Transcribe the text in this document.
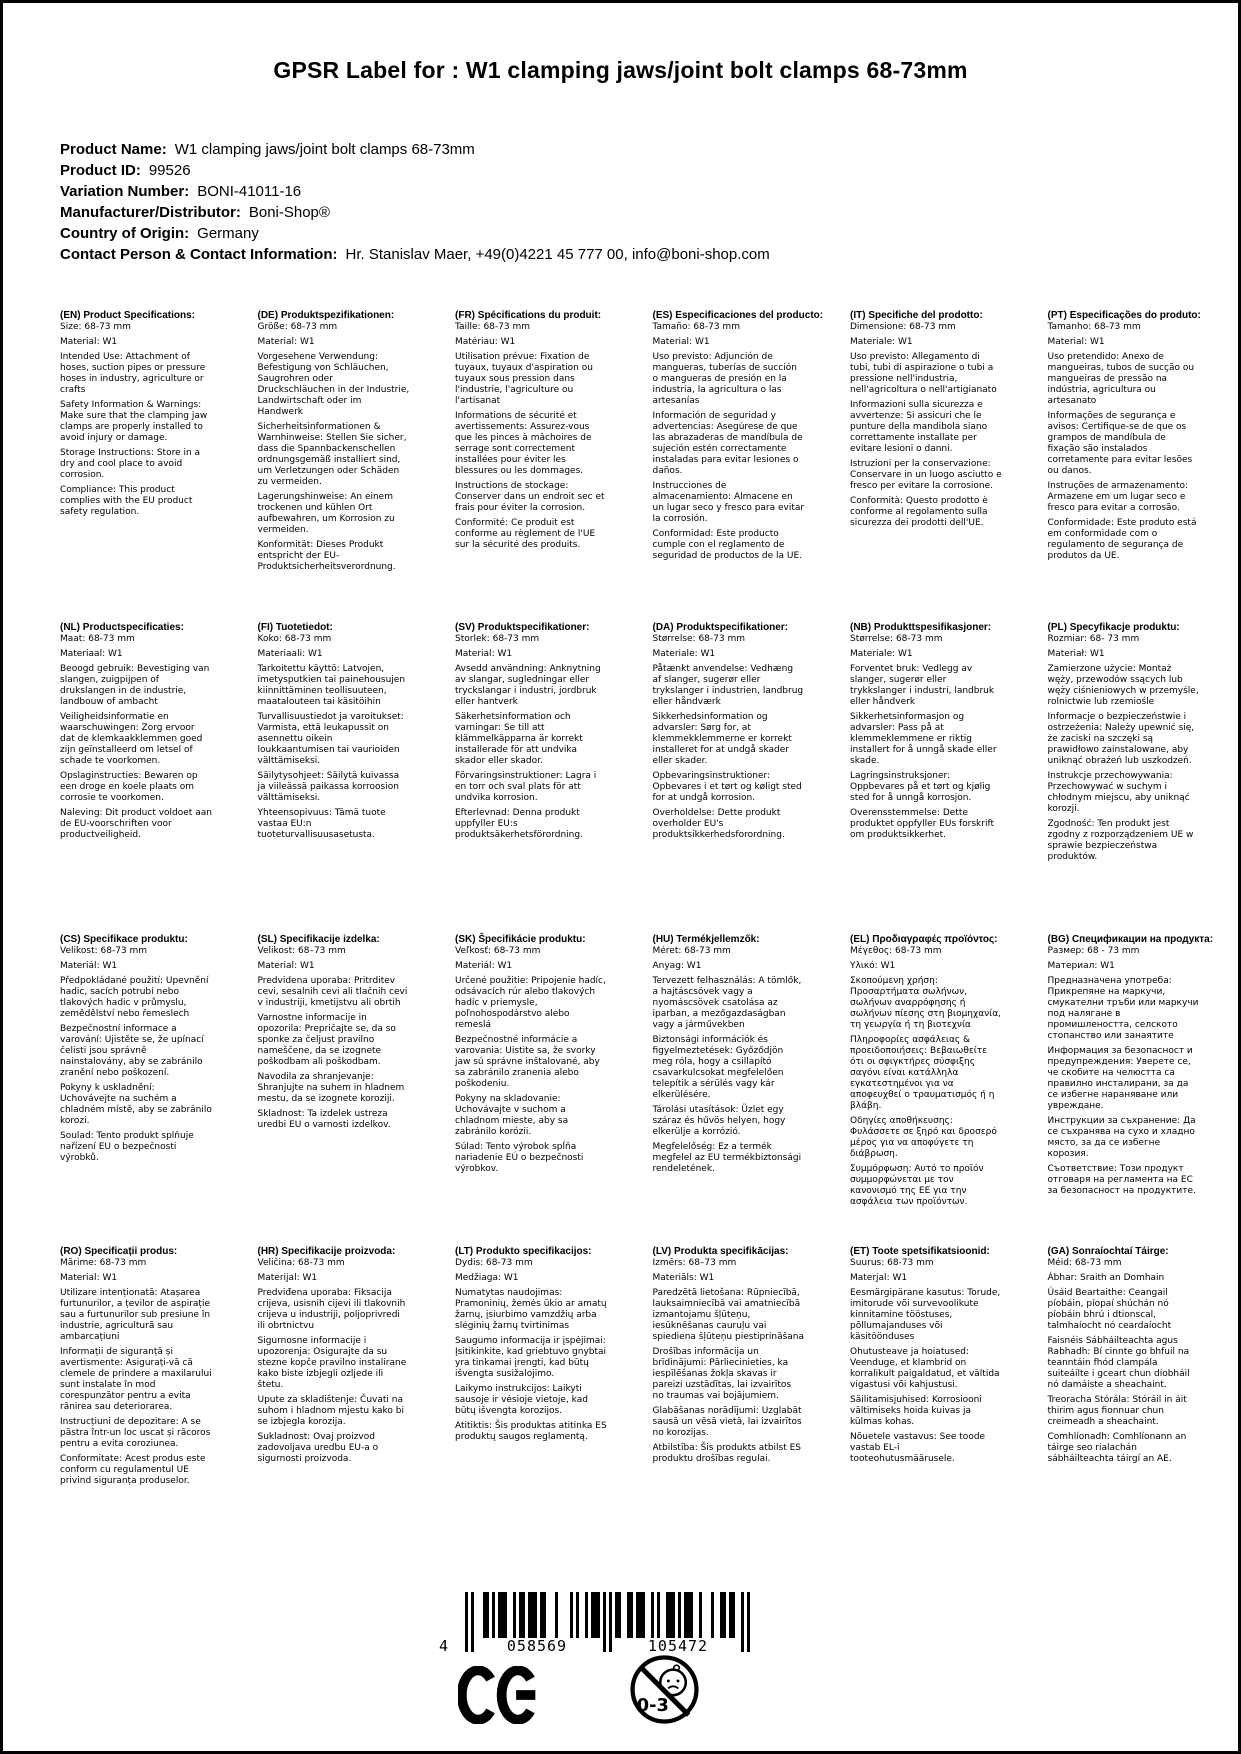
GPSR Label for : W1 clamping jaws/joint bolt clamps 68-73mm
Product Name: W1 clamping jaws/joint bolt clamps 68-73mm
Product ID: 99526
Variation Number: BONI-41011-16
Manufacturer/Distributor: Boni-Shop®
Country of Origin: Germany
Contact Person & Contact Information: Hr. Stanislav Maer, +49(0)4221 45 777 00, info@boni-shop.com
(EN) Product Specifications:

Size: 68-73 mm

Material: W1

Intended Use: Attachment of hoses, suction pipes or pressure hoses in industry, agriculture or crafts

Safety Information & Warnings: Make sure that the clamping jaw clamps are properly installed to avoid injury or damage.

Storage Instructions: Store in a dry and cool place to avoid corrosion.

Compliance: This product complies with the EU product safety regulation.

(DE) Produktspezifikationen:

Größe: 68-73 mm

Material: W1

Vorgesehene Verwendung: Befestigung von Schläuchen, Saugrohren oder Druckschläuchen in der Industrie, Landwirtschaft oder im Handwerk

Sicherheitsinformationen & Warnhinweise: Stellen Sie sicher, dass die Spannbackenschellen ordnungsgemäß installiert sind, um Verletzungen oder Schäden zu vermeiden.

Lagerungshinweise: An einem trockenen und kühlen Ort aufbewahren, um Korrosion zu vermeiden.

Konformität: Dieses Produkt entspricht der EU-Produktsicherheitsverordnung.

(FR) Spécifications du produit:

Taille: 68-73 mm

Matériau: W1

Utilisation prévue: Fixation de tuyaux, tuyaux d'aspiration ou tuyaux sous pression dans l'industrie, l'agriculture ou l'artisanat

Informations de sécurité et avertissements: Assurez-vous que les pinces à mâchoires de serrage sont correctement installées pour éviter les blessures ou les dommages.

Instructions de stockage: Conserver dans un endroit sec et frais pour éviter la corrosion.

Conformité: Ce produit est conforme au règlement de l'UE sur la sécurité des produits.

(ES) Especificaciones del producto:

Tamaño: 68-73 mm

Material: W1

Uso previsto: Adjunción de mangueras, tuberías de succión o mangueras de presión en la industria, la agricultura o las artesanías

Información de seguridad y advertencias: Asegúrese de que las abrazaderas de mandíbula de sujeción estén correctamente instaladas para evitar lesiones o daños.

Instrucciones de almacenamiento: Almacene en un lugar seco y fresco para evitar la corrosión.

Conformidad: Este producto cumple con el reglamento de seguridad de productos de la UE.

(IT) Specifiche del prodotto:

Dimensione: 68-73 mm

Materiale: W1

Uso previsto: Allegamento di tubi, tubi di aspirazione o tubi a pressione nell'industria, nell'agricoltura o nell'artigianato

Informazioni sulla sicurezza e avvertenze: Si assicuri che le punture della mandibola siano correttamente installate per evitare lesioni o danni.

Istruzioni per la conservazione: Conservare in un luogo asciutto e fresco per evitare la corrosione.

Conformità: Questo prodotto è conforme al regolamento sulla sicurezza dei prodotti dell'UE.

(PT) Especificações do produto:

Tamanho: 68-73 mm

Material: W1

Uso pretendido: Anexo de mangueiras, tubos de sucção ou mangueiras de pressão na indústria, agricultura ou artesanato

Informações de segurança e avisos: Certifique-se de que os grampos de mandíbula de fixação são instalados corretamente para evitar lesões ou danos.

Instruções de armazenamento: Armazene em um lugar seco e fresco para evitar a corrosão.

Conformidade: Este produto está em conformidade com o regulamento de segurança de produtos da UE.

(NL) Productspecificaties:

Maat: 68-73 mm

Materiaal: W1

Beoogd gebruik: Bevestiging van slangen, zuigpijpen of drukslangen in de industrie, landbouw of ambacht

Veiligheidsinformatie en waarschuwingen: Zorg ervoor dat de klemkaakklemmen goed zijn geïnstalleerd om letsel of schade te voorkomen.

Opslaginstructies: Bewaren op een droge en koele plaats om corrosie te voorkomen.

Naleving: Dit product voldoet aan de EU-voorschriften voor productveiligheid.

(FI) Tuotetiedot:

Koko: 68-73 mm

Materiaali: W1

Tarkoitettu käyttö: Latvojen, imetysputkien tai painehousujen kiinnittäminen teollisuuteen, maatalouteen tai käsitöihin

Turvallisuustiedot ja varoitukset: Varmista, että leukapussit on asennettu oikein loukkaantumisen tai vaurioiden välttämiseksi.

Säilytysohjeet: Säilytä kuivassa ja viileässä paikassa korroosion välttämiseksi.

Yhteensopivuus: Tämä tuote vastaa EU:n tuoteturvallisuusasetusta.

(SV) Produktspecifikationer:

Storlek: 68-73 mm

Material: W1

Avsedd användning: Anknytning av slangar, sugledningar eller tryckslangar i industri, jordbruk eller hantverk

Säkerhetsinformation och varningar: Se till att klämmelkäpparna är korrekt installerade för att undvika skador eller skador.

Förvaringsinstruktioner: Lagra i en torr och sval plats för att undvika korrosion.

Efterlevnad: Denna produkt uppfyller EU:s produktsäkerhetsförordning.

(DA) Produktspecifikationer:

Størrelse: 68-73 mm

Materiale: W1

Påtænkt anvendelse: Vedhæng af slanger, sugerør eller trykslanger i industrien, landbrug eller håndværk

Sikkerhedsinformation og advarsler: Sørg for, at klemmekklemmerne er korrekt installeret for at undgå skader eller skader.

Opbevaringsinstruktioner: Opbevares i et tørt og køligt sted for at undgå korrosion.

Overholdelse: Dette produkt overholder EU's produktsikkerhedsforordning.

(NB) Produkttspesifikasjoner:

Størrelse: 68-73 mm

Materiale: W1

Forventet bruk: Vedlegg av slanger, sugerør eller trykkslanger i industri, landbruk eller håndverk

Sikkerhetsinformasjon og advarsler: Pass på at klemmeklemmene er riktig installert for å unngå skade eller skade.

Lagringsinstruksjoner: Oppbevares på et tørt og kjølig sted for å unngå korrosjon.

Overensstemmelse: Dette produktet oppfyller EUs forskrift om produktsikkerhet.

(PL) Specyfikacje produktu:

Rozmiar: 68- 73 mm

Materiał: W1

Zamierzone użycie: Montaż węży, przewodów ssących lub węży ciśnieniowych w przemyśle, rolnictwie lub rzemiośle

Informacje o bezpieczeństwie i ostrzeżenia: Należy upewnić się, że zaciski na szczęki są prawidłowo zainstalowane, aby uniknąć obrażeń lub uszkodzeń.

Instrukcje przechowywania: Przechowywać w suchym i chłodnym miejscu, aby uniknąć korozji.

Zgodność: Ten produkt jest zgodny z rozporządzeniem UE w sprawie bezpieczeństwa produktów.

(CS) Specifikace produktu:

Velikost: 68-73 mm

Materiál: W1

Předpokládané použití: Upevnění hadic, sacích potrubí nebo tlakových hadic v průmyslu, zemědělství nebo řemeslech

Bezpečnostní informace a varování: Ujistěte se, že upínací čelisti jsou správně nainstalovány, aby se zabránilo zranění nebo poškození.

Pokyny k uskladnění: Uchovávejte na suchém a chladném místě, aby se zabránilo korozi.

Soulad: Tento produkt splňuje nařízení EU o bezpečnosti výrobků.

(SL) Specifikacije izdelka:

Velikost: 68–73 mm

Material: W1

Predvidena uporaba: Pritrditev cevi, sesalnih cevi ali tlačnih cevi v industriji, kmetijstvu ali obrtih

Varnostne informacije in opozorila: Prepričajte se, da so sponke za čeljust pravilno nameščene, da se izognete poškodbam ali poškodbam.

Navodila za shranjevanje: Shranjujte na suhem in hladnem mestu, da se izognete koroziji.

Skladnost: Ta izdelek ustreza uredbi EU o varnosti izdelkov.

(SK) Špecifikácie produktu:

Veľkosť: 68-73 mm

Materiál: W1

Určené použitie: Pripojenie hadíc, odsávacích rúr alebo tlakových hadíc v priemysle, poľnohospodárstvo alebo remeslá

Bezpečnostné informácie a varovania: Uistite sa, že svorky jaw sú správne inštalované, aby sa zabránilo zranenia alebo poškodeniu.

Pokyny na skladovanie: Uchovávajte v suchom a chladnom mieste, aby sa zabránilo korózii.

Súlad: Tento výrobok spĺňa nariadenie EÚ o bezpečnosti výrobkov.

(HU) Termékjellemzők:

Méret: 68-73 mm

Anyag: W1

Tervezett felhasználás: A tömlők, a hajtáscsövek vagy a nyomáscsövek csatolása az iparban, a mezőgazdaságban vagy a járművekben

Biztonsági információk és figyelmeztetések: Győződjön meg róla, hogy a csillapító csavarkulcsokat megfelelően telepítik a sérülés vagy kár elkerülésére.

Tárolási utasítások: Üzlet egy száraz és hűvös helyen, hogy elkerülje a korrózió.

Megfelelőség: Ez a termék megfelel az EU termékbiztonsági rendeletének.

(EL) Προδιαγραφές προϊόντος:

Μέγεθος: 68-73 mm

Υλικό: W1

Σκοπούμενη χρήση: Προσαρτήματα σωλήνων, σωλήνων αναρρόφησης ή σωλήνων πίεσης στη βιομηχανία, τη γεωργία ή τη βιοτεχνία

Πληροφορίες ασφάλειας & προειδοποιήσεις: Βεβαιωθείτε ότι οι σφιγκτήρες σύσφιξης σαγόνι είναι κατάλληλα εγκατεστημένοι για να αποφευχθεί ο τραυματισμός ή η βλάβη.

Οδηγίες αποθήκευσης: Φυλάσσετε σε ξηρό και δροσερό μέρος για να αποφύγετε τη διάβρωση.

Συμμόρφωση: Αυτό το προϊόν συμμορφώνεται με τον κανονισμό της ΕΕ για την ασφάλεια των προϊόντων.

(BG) Спецификации на продукта:

Размер: 68 - 73 mm

Материал: W1

Предназначена употреба: Прикрепяне на маркучи, смукателни тръби или маркучи под налягане в промишлеността, селското стопанство или занаятите

Информация за безопасност и предупреждения: Уверете се, че скобите на челюстта са правилно инсталирани, за да се избегне нараняване или увреждане.

Инструкции за съхранение: Да се съхранява на сухо и хладно място, за да се избегне корозия.

Съответствие: Този продукт отговаря на регламента на ЕС за безопасност на продуктите.

(RO) Specificații produs:

Mărime: 68-73 mm

Material: W1

Utilizare intenționată: Atașarea furtunurilor, a țevilor de aspirație sau a furtunurilor sub presiune în industrie, agricultură sau ambarcațiuni

Informații de siguranță și avertismente: Asigurați-vă că clemele de prindere a maxilarului sunt instalate în mod corespunzător pentru a evita rănirea sau deteriorarea.

Instrucțiuni de depozitare: A se păstra într-un loc uscat și răcoros pentru a evita coroziunea.

Conformitate: Acest produs este conform cu regulamentul UE privind siguranța produselor.

(HR) Specifikacije proizvoda:

Veličina: 68-73 mm

Materijal: W1

Predviđena uporaba: Fiksacija crijeva, usisnih cijevi ili tlakovnih crijeva u industriji, poljoprivredi ili obrtnictvu

Sigurnosne informacije i upozorenja: Osigurajte da su stezne kopče pravilno instalirane kako biste izbjegli ozljede ili štetu.

Upute za skladištenje: Čuvati na suhom i hladnom mjestu kako bi se izbjegla korozija.

Sukladnost: Ovaj proizvod zadovoljava uredbu EU-a o sigurnosti proizvoda.

(LT) Produkto specifikacijos:

Dydis: 68-73 mm

Medžiaga: W1

Numatytas naudojimas: Pramoninių, žemės ūkio ar amatų žarnų, įsiurbimo vamzdžių arba slėginių žarnų tvirtinimas

Saugumo informacija ir įspėjimai: Įsitikinkite, kad griebtuvo gnybtai yra tinkamai įrengti, kad būtų išvengta susižalojimo.

Laikymo instrukcijos: Laikyti sausoje ir vėsioje vietoje, kad būtų išvengta korozijos.

Atitiktis: Šis produktas atitinka ES produktų saugos reglamentą.

(LV) Produkta specifikācijas:

Izmērs: 68–73 mm

Materiāls: W1

Paredzētā lietošana: Rūpniecībā, lauksaimniecībā vai amatniecībā izmantojamu šļūteņu, iesūknēšanas cauruļu vai spiediena šļūteņu piestiprināšana

Drošības informācija un brīdinājumi: Pārliecinieties, ka iespīlēšanas žokļa skavas ir pareizi uzstādītas, lai izvairītos no traumas vai bojājumiem.

Glabāšanas norādījumi: Uzglabāt sausā un vēsā vietā, lai izvairītos no korozijas.

Atbilstība: Šis produkts atbilst ES produktu drošības regulai.

(ET) Toote spetsifikatsioonid:

Suurus: 68-73 mm

Materjal: W1

Eesmärgipärane kasutus: Torude, imitorude või survevoolikute kinnitamine tööstuses, põllumajanduses või käsitöönduses

Ohutusteave ja hoiatused: Veenduge, et klambrid on korralikult paigaldatud, et vältida vigastusi või kahjustusi.

Säilitamisjuhised: Korrosiooni vältimiseks hoida kuivas ja külmas kohas.

Nõuetele vastavus: See toode vastab EL-i tooteohutusmäärusele.

(GA) Sonraíochtaí Táirge:

Méid: 68-73 mm

Ábhar: Sraith an Domhain

Úsáid Beartaithe: Ceangail píobáin, píopaí shúchán nó píobáin bhrú i dtionscal, talmhaíocht nó ceardaíocht

Faisnéis Sábháilteachta agus Rabhadh: Bí cinnte go bhfuil na teanntáin fhód clampála suiteáilte i gceart chun díobháil nó damáiste a sheachaint.

Treoracha Stórála: Stóráil in áit thirim agus fionnuar chun creimeadh a sheachaint.

Comhlíonadh: Comhlíonann an táirge seo rialachán sábháilteachta táirgí an AE.

4	058569	105472
0-3
